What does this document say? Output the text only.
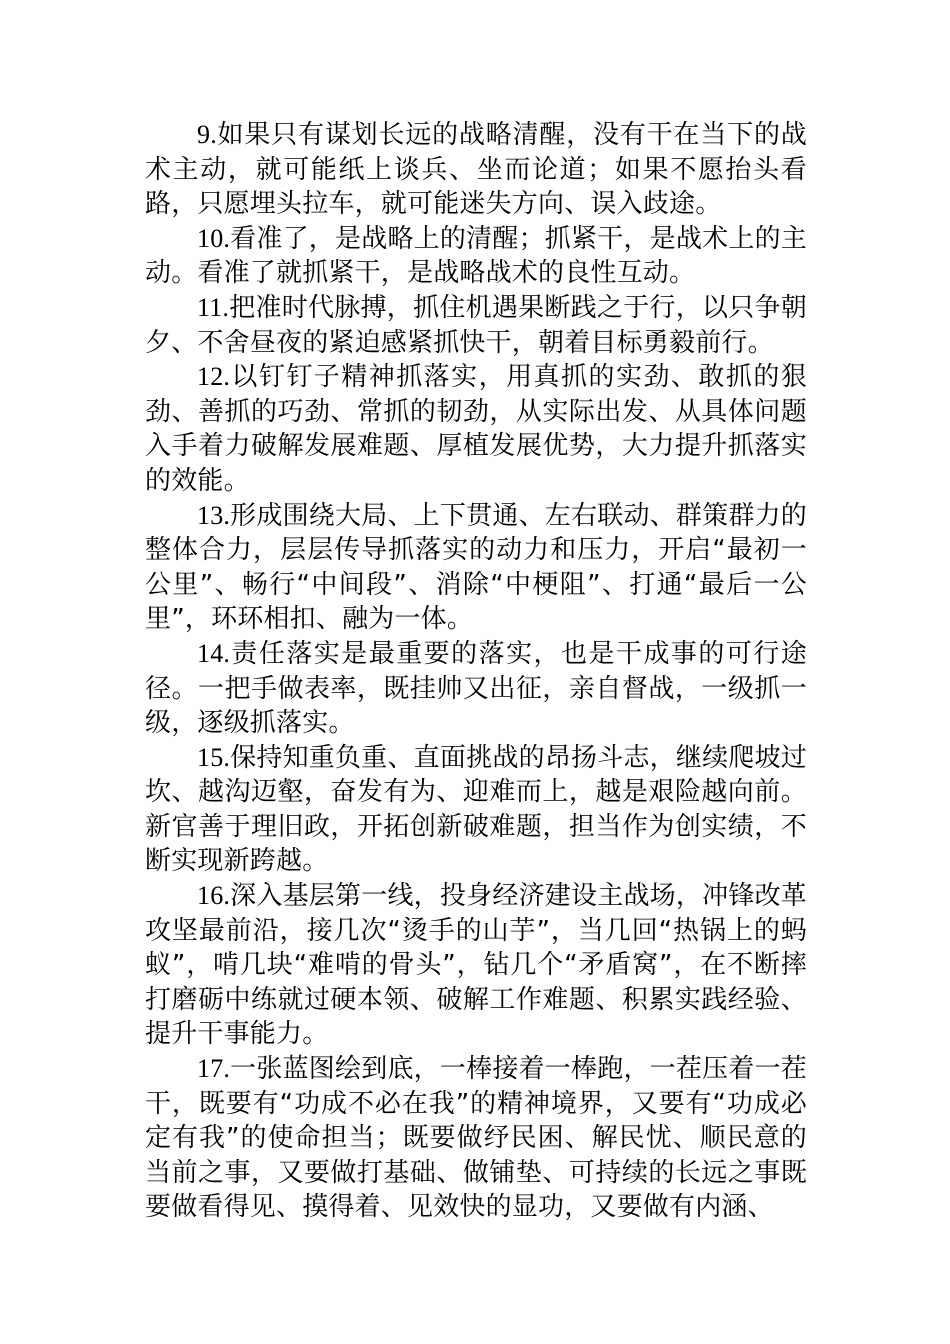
9.如果只有谋划长远的战略清醒，没有干在当下的战术主动，就可能纸上谈兵、坐而论道；如果不愿抬头看路，只愿埋头拉车，就可能迷失方向、误入歧途。

10.看准了，是战略上的清醒；抓紧干，是战术上的主动。看准了就抓紧干，是战略战术的良性互动。

11.把准时代脉搏，抓住机遇果断践之于行，以只争朝夕、不舍昼夜的紧迫感紧抓快干，朝着目标勇毅前行。

12.以钉钉子精神抓落实，用真抓的实劲、敢抓的狠劲、善抓的巧劲、常抓的韧劲，从实际出发、从具体问题入手着力破解发展难题、厚植发展优势，大力提升抓落实的效能。

13.形成围绕大局、上下贯通、左右联动、群策群力的整体合力，层层传导抓落实的动力和压力，开启“最初一公里”、畅行“中间段”、消除“中梗阻”、打通“最后一公里”，环环相扣、融为一体。

14.责任落实是最重要的落实，也是干成事的可行途径。一把手做表率，既挂帅又出征，亲自督战，一级抓一级，逐级抓落实。

15.保持知重负重、直面挑战的昂扬斗志，继续爬坡过坎、越沟迈壑，奋发有为、迎难而上，越是艰险越向前。新官善于理旧政，开拓创新破难题，担当作为创实绩，不断实现新跨越。

16.深入基层第一线，投身经济建设主战场，冲锋改革攻坚最前沿，接几次“烫手的山芋”，当几回“热锅上的蚂蚁”，啃几块“难啃的骨头”，钻几个“矛盾窝”，在不断摔打磨砺中练就过硬本领、破解工作难题、积累实践经验、提升干事能力。

17.一张蓝图绘到底，一棒接着一棒跑，一茬压着一茬干，既要有“功成不必在我”的精神境界，又要有“功成必定有我”的使命担当；既要做纾民困、解民忧、顺民意的当前之事，又要做打基础、做铺垫、可持续的长远之事既要做看得见、摸得着、见效快的显功，又要做有内涵、
